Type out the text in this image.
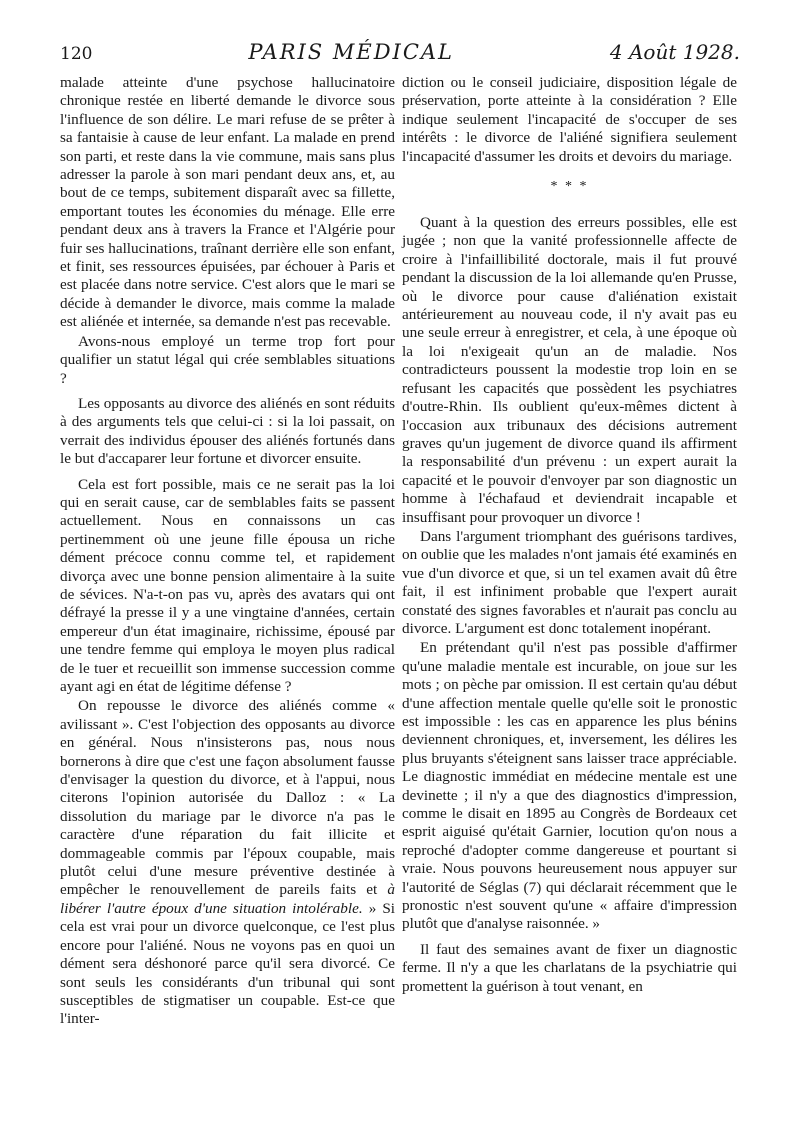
120	PARIS MÉDICAL	4 Août 1928.

malade atteinte d'une psychose hallucinatoire chronique restée en liberté demande le divorce sous l'influence de son délire. Le mari refuse de se prêter à sa fantaisie à cause de leur enfant. La malade en prend son parti, et reste dans la vie commune, mais sans plus adresser la parole à son mari pendant deux ans, et, au bout de ce temps, subitement disparaît avec sa fillette, emportant toutes les économies du ménage. Elle erre pendant deux ans à travers la France et l'Algérie pour fuir ses hallucinations, traînant derrière elle son enfant, et finit, ses ressources épuisées, par échouer à Paris et est placée dans notre service. C'est alors que le mari se décide à demander le divorce, mais comme la malade est aliénée et internée, sa demande n'est pas recevable.

Avons-nous employé un terme trop fort pour qualifier un statut légal qui crée semblables situations ?

Les opposants au divorce des aliénés en sont réduits à des arguments tels que celui-ci : si la loi passait, on verrait des individus épouser des aliénés fortunés dans le but d'accaparer leur fortune et divorcer ensuite.

Cela est fort possible, mais ce ne serait pas la loi qui en serait cause, car de semblables faits se passent actuellement. Nous en connaissons un cas pertinemment où une jeune fille épousa un riche dément précoce connu comme tel, et rapidement divorça avec une bonne pension alimentaire à la suite de sévices. N'a-t-on pas vu, après des avatars qui ont défrayé la presse il y a une vingtaine d'années, certain empereur d'un état imaginaire, richissime, épousé par une tendre femme qui employa le moyen plus radical de le tuer et recueillit son immense succession comme ayant agi en état de légitime défense ?

On repousse le divorce des aliénés comme « avilissant ». C'est l'objection des opposants au divorce en général. Nous n'insisterons pas, nous nous bornerons à dire que c'est une façon absolument fausse d'envisager la question du divorce, et à l'appui, nous citerons l'opinion autorisée du Dalloz : « La dissolution du mariage par le divorce n'a pas le caractère d'une réparation du fait illicite et dommageable commis par l'époux coupable, mais plutôt celui d'une mesure préventive destinée à empêcher le renouvellement de pareils faits et à libérer l'autre époux d'une situation intolérable. » Si cela est vrai pour un divorce quelconque, ce l'est plus encore pour l'aliéné. Nous ne voyons pas en quoi un dément sera déshonoré parce qu'il sera divorcé. Ce sont seuls les considérants d'un tribunal qui sont susceptibles de stigmatiser un coupable. Est-ce que l'inter-

diction ou le conseil judiciaire, disposition légale de préservation, porte atteinte à la considération ? Elle indique seulement l'incapacité de s'occuper de ses intérêts : le divorce de l'aliéné signifiera seulement l'incapacité d'assumer les droits et devoirs du mariage.

* * *

Quant à la question des erreurs possibles, elle est jugée ; non que la vanité professionnelle affecte de croire à l'infaillibilité doctorale, mais il fut prouvé pendant la discussion de la loi allemande qu'en Prusse, où le divorce pour cause d'aliénation existait antérieurement au nouveau code, il n'y avait pas eu une seule erreur à enregistrer, et cela, à une époque où la loi n'exigeait qu'un an de maladie. Nos contradicteurs poussent la modestie trop loin en se refusant les capacités que possèdent les psychiatres d'outre-Rhin. Ils oublient qu'eux-mêmes dictent à l'occasion aux tribunaux des décisions autrement graves qu'un jugement de divorce quand ils affirment la responsabilité d'un prévenu : un expert aurait la capacité et le pouvoir d'envoyer par son diagnostic un homme à l'échafaud et deviendrait incapable et insuffisant pour provoquer un divorce !

Dans l'argument triomphant des guérisons tardives, on oublie que les malades n'ont jamais été examinés en vue d'un divorce et que, si un tel examen avait dû être fait, il est infiniment probable que l'expert aurait constaté des signes favorables et n'aurait pas conclu au divorce. L'argument est donc totalement inopérant.

En prétendant qu'il n'est pas possible d'affirmer qu'une maladie mentale est incurable, on joue sur les mots ; on pèche par omission. Il est certain qu'au début d'une affection mentale quelle qu'elle soit le pronostic est impossible : les cas en apparence les plus bénins deviennent chroniques, et, inversement, les délires les plus bruyants s'éteignent sans laisser trace appréciable. Le diagnostic immédiat en médecine mentale est une devinette ; il n'y a que des diagnostics d'impression, comme le disait en 1895 au Congrès de Bordeaux cet esprit aiguisé qu'était Garnier, locution qu'on nous a reproché d'adopter comme dangereuse et pourtant si vraie. Nous pouvons heureusement nous appuyer sur l'autorité de Séglas (7) qui déclarait récemment que le pronostic n'est souvent qu'une « affaire d'impression plutôt que d'analyse raisonnée. »

Il faut des semaines avant de fixer un diagnostic ferme. Il n'y a que les charlatans de la psychiatrie qui promettent la guérison à tout venant, en
